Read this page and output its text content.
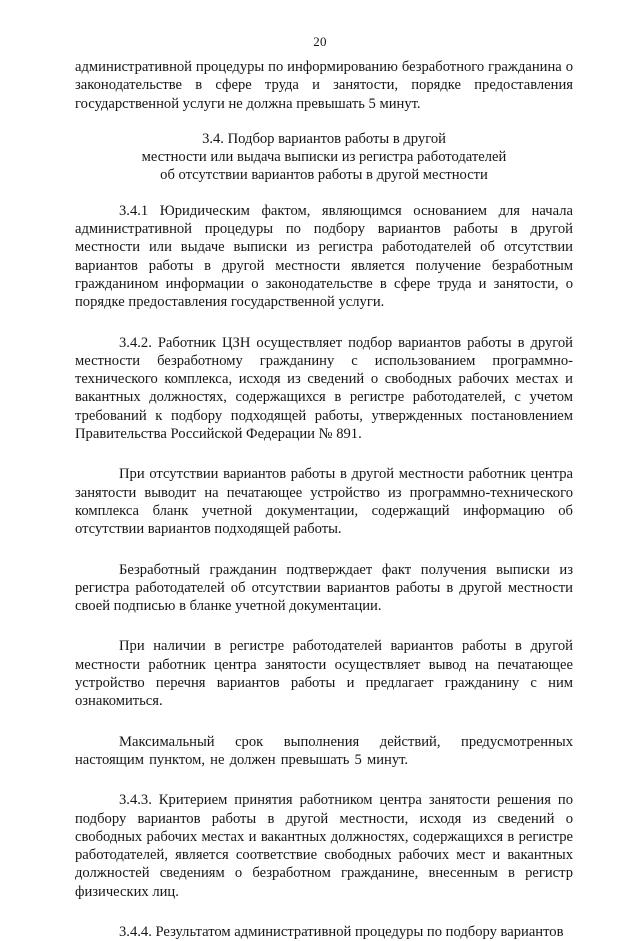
20

административной процедуры по информированию безработного гражданина о законодательстве в сфере труда и занятости, порядке предоставления государственной услуги не должна превышать 5 минут.

3.4. Подбор вариантов работы в другой
местности или выдача выписки из регистра работодателей
об отсутствии вариантов работы в другой местности

3.4.1 Юридическим фактом, являющимся основанием для начала административной процедуры по подбору вариантов работы в другой местности или выдаче выписки из регистра работодателей об отсутствии вариантов работы в другой местности является получение безработным гражданином информации о законодательстве в сфере труда и занятости, о порядке предоставления государственной услуги.

3.4.2. Работник ЦЗН осуществляет подбор вариантов работы в другой местности безработному гражданину с использованием программно-технического комплекса, исходя из сведений о свободных рабочих местах и вакантных должностях, содержащихся в регистре работодателей, с учетом требований к подбору подходящей работы, утвержденных постановлением Правительства Российской Федерации № 891.

При отсутствии вариантов работы в другой местности работник центра занятости выводит на печатающее устройство из программно-технического комплекса бланк учетной документации, содержащий информацию об отсутствии вариантов подходящей работы.

Безработный гражданин подтверждает факт получения выписки из регистра работодателей об отсутствии вариантов работы в другой местности своей подписью в бланке учетной документации.

При наличии в регистре работодателей вариантов работы в другой местности работник центра занятости осуществляет вывод на печатающее устройство перечня вариантов работы и предлагает гражданину с ним ознакомиться.

Максимальный срок выполнения действий, предусмотренных настоящим пунктом, не должен превышать 5 минут.

3.4.3. Критерием принятия работником центра занятости решения по подбору вариантов работы в другой местности, исходя из сведений о свободных рабочих местах и вакантных должностях, содержащихся в регистре работодателей, является соответствие свободных рабочих мест и вакантных должностей сведениям о безработном гражданине, внесенным в регистр физических лиц.

3.4.4. Результатом административной процедуры по подбору вариантов
